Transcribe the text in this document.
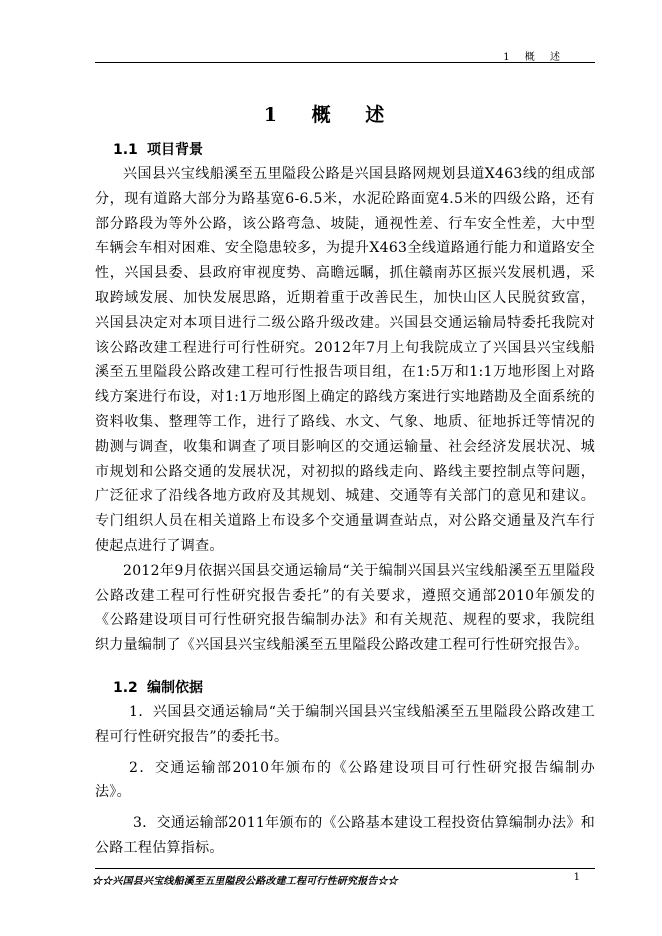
1 概 述
1 概 述
1.1 项目背景

兴国县兴宝线船溪至五里隘段公路是兴国县路网规划县道X463线的组成部分，现有道路大部分为路基宽6-6.5米，水泥砼路面宽4.5米的四级公路，还有部分路段为等外公路，该公路弯急、坡陡，通视性差、行车安全性差，大中型车辆会车相对困难、安全隐患较多，为提升X463全线道路通行能力和道路安全性，兴国县委、县政府审视度势、高瞻远瞩，抓住赣南苏区振兴发展机遇，采取跨域发展、加快发展思路，近期着重于改善民生，加快山区人民脱贫致富，兴国县决定对本项目进行二级公路升级改建。兴国县交通运输局特委托我院对该公路改建工程进行可行性研究。2012年7月上旬我院成立了兴国县兴宝线船溪至五里隘段公路改建工程可行性报告项目组，在1:5万和1:1万地形图上对路线方案进行布设，对1:1万地形图上确定的路线方案进行实地踏勘及全面系统的资料收集、整理等工作，进行了路线、水文、气象、地质、征地拆迁等情况的勘测与调查，收集和调查了项目影响区的交通运输量、社会经济发展状况、城市规划和公路交通的发展状况，对初拟的路线走向、路线主要控制点等问题，广泛征求了沿线各地方政府及其规划、城建、交通等有关部门的意见和建议。专门组织人员在相关道路上布设多个交通量调查站点，对公路交通量及汽车行使起点进行了调查。

2012年9月依据兴国县交通运输局“关于编制兴国县兴宝线船溪至五里隘段公路改建工程可行性研究报告委托”的有关要求，遵照交通部2010年颁发的《公路建设项目可行性研究报告编制办法》和有关规范、规程的要求，我院组织力量编制了《兴国县兴宝线船溪至五里隘段公路改建工程可行性研究报告》。

1.2 编制依据

1．兴国县交通运输局“关于编制兴国县兴宝线船溪至五里隘段公路改建工程可行性研究报告”的委托书。

2．交通运输部2010年颁布的《公路建设项目可行性研究报告编制办法》。

3．交通运输部2011年颁布的《公路基本建设工程投资估算编制办法》和公路工程估算指标。

☆☆兴国县兴宝线船溪至五里隘段公路改建工程可行性研究报告☆☆	1
